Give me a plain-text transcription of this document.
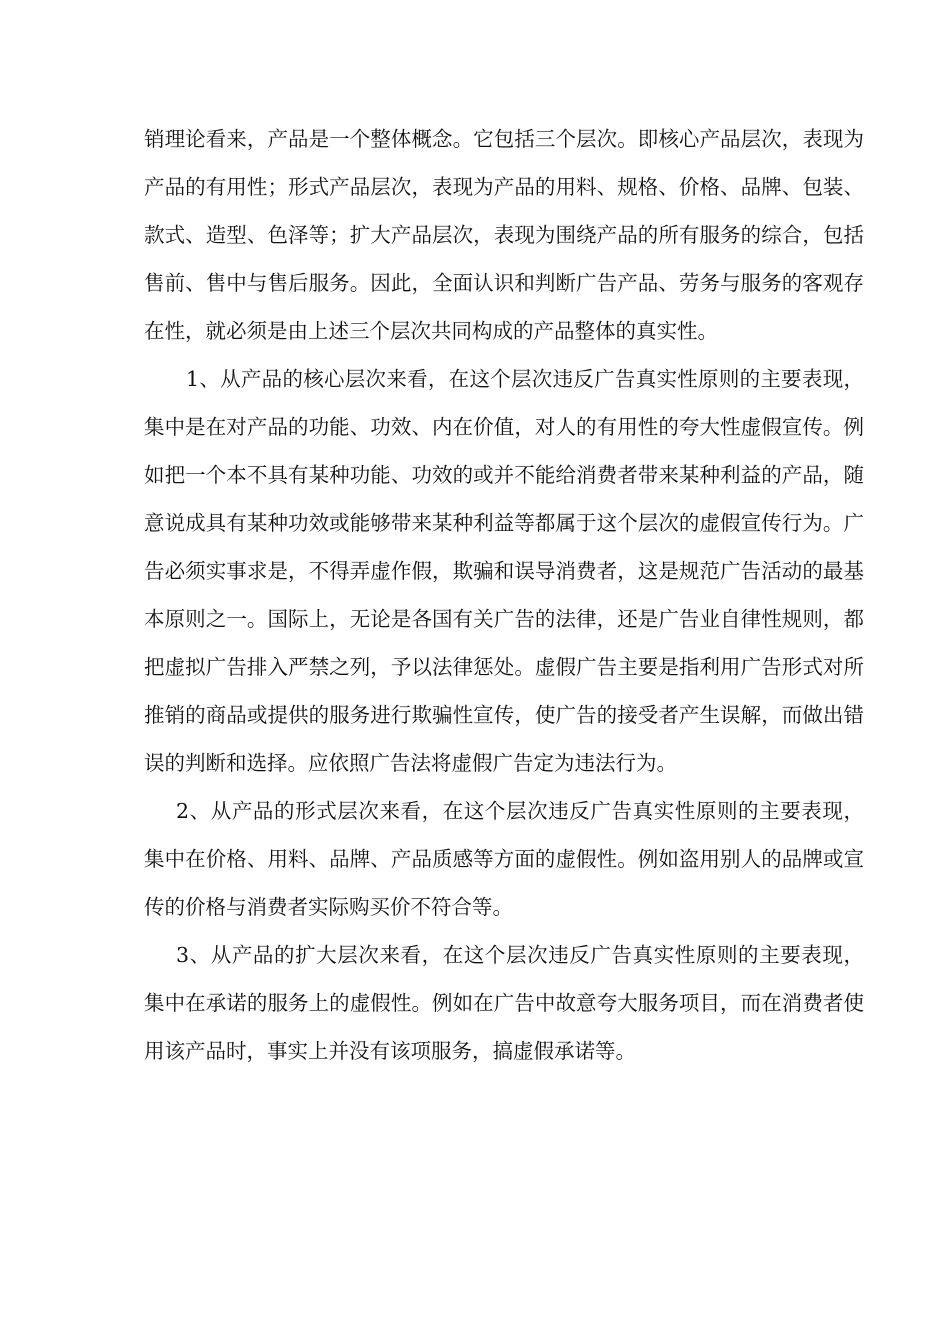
销理论看来，产品是一个整体概念。它包括三个层次。即核心产品层次，表现为产品的有用性；形式产品层次，表现为产品的用料、规格、价格、品牌、包装、款式、造型、色泽等；扩大产品层次，表现为围绕产品的所有服务的综合，包括售前、售中与售后服务。因此，全面认识和判断广告产品、劳务与服务的客观存在性，就必须是由上述三个层次共同构成的产品整体的真实性。

1、从产品的核心层次来看，在这个层次违反广告真实性原则的主要表现，集中是在对产品的功能、功效、内在价值，对人的有用性的夸大性虚假宣传。例如把一个本不具有某种功能、功效的或并不能给消费者带来某种利益的产品，随意说成具有某种功效或能够带来某种利益等都属于这个层次的虚假宣传行为。广告必须实事求是，不得弄虚作假，欺骗和误导消费者，这是规范广告活动的最基本原则之一。国际上，无论是各国有关广告的法律，还是广告业自律性规则，都把虚拟广告排入严禁之列，予以法律惩处。虚假广告主要是指利用广告形式对所推销的商品或提供的服务进行欺骗性宣传，使广告的接受者产生误解，而做出错误的判断和选择。应依照广告法将虚假广告定为违法行为。

2、从产品的形式层次来看，在这个层次违反广告真实性原则的主要表现，集中在价格、用料、品牌、产品质感等方面的虚假性。例如盗用别人的品牌或宣传的价格与消费者实际购买价不符合等。

3、从产品的扩大层次来看，在这个层次违反广告真实性原则的主要表现，集中在承诺的服务上的虚假性。例如在广告中故意夸大服务项目，而在消费者使用该产品时，事实上并没有该项服务，搞虚假承诺等。
